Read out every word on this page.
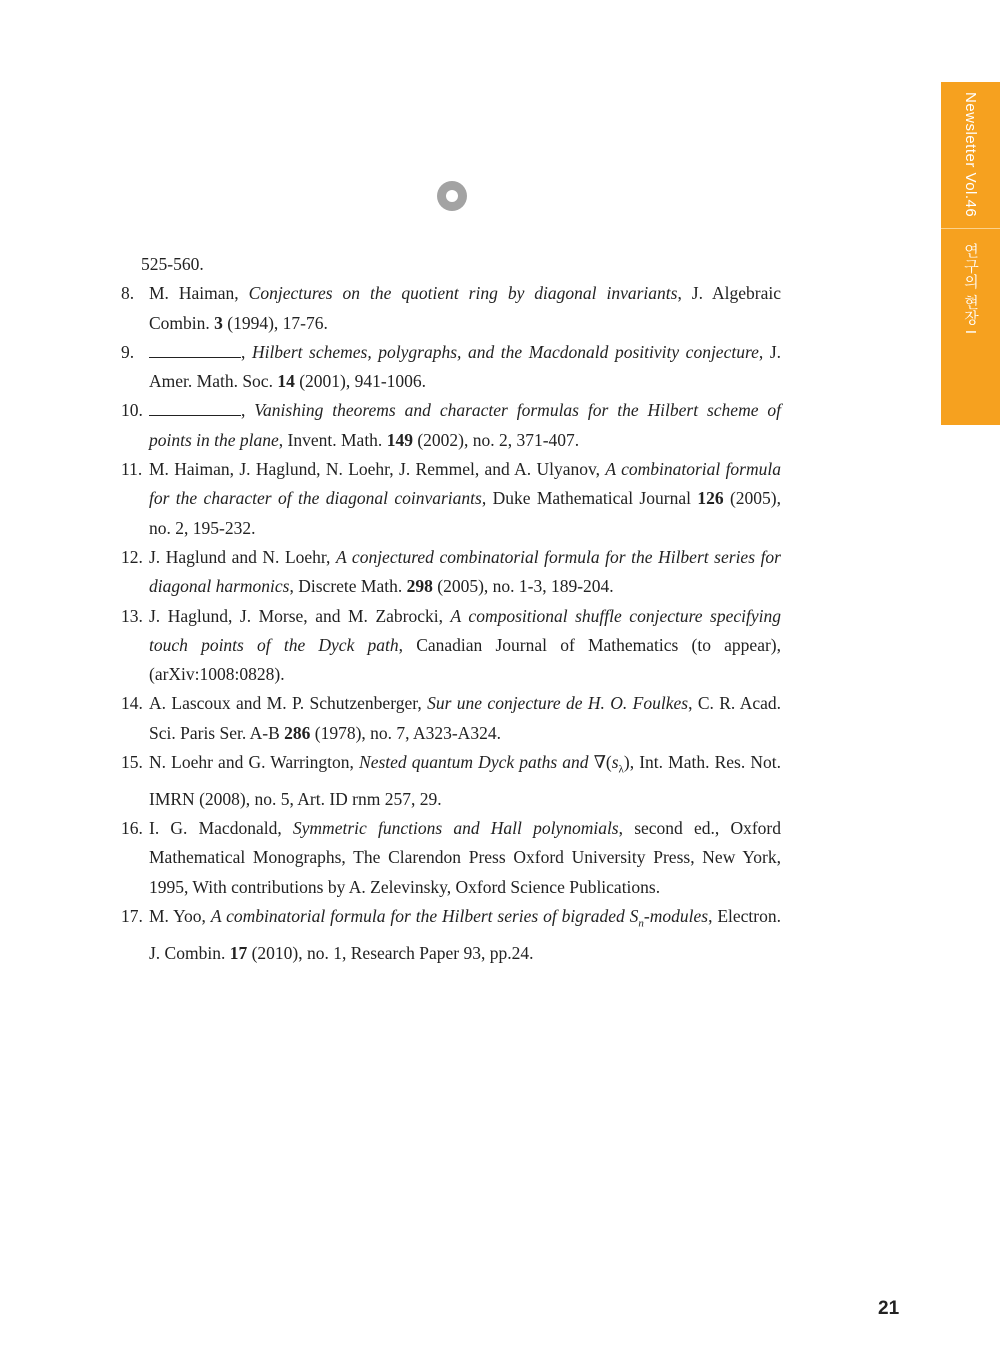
Newsletter Vol.46
연구의 현장 I

525-560.

8. M. Haiman, Conjectures on the quotient ring by diagonal invariants, J. Algebraic Combin. 3 (1994), 17-76.

9.	, Hilbert schemes, polygraphs, and the Macdonald positivity conjecture, J. Amer. Math. Soc. 14 (2001), 941-1006.

10.	, Vanishing theorems and character formulas for the Hilbert scheme of points in the plane, Invent. Math. 149 (2002), no. 2, 371-407.

11. M. Haiman, J. Haglund, N. Loehr, J. Remmel, and A. Ulyanov, A combinatorial formula for the character of the diagonal coinvariants, Duke Mathematical Journal 126 (2005), no. 2, 195-232.

12. J. Haglund and N. Loehr, A conjectured combinatorial formula for the Hilbert series for diagonal harmonics, Discrete Math. 298 (2005), no. 1-3, 189-204.

13. J. Haglund, J. Morse, and M. Zabrocki, A compositional shuffle conjecture specifying touch points of the Dyck path, Canadian Journal of Mathematics (to appear), (arXiv:1008:0828).

14. A. Lascoux and M. P. Schutzenberger, Sur une conjecture de H. O. Foulkes, C. R. Acad. Sci. Paris Ser. A-B 286 (1978), no. 7, A323-A324.

15. N. Loehr and G. Warrington, Nested quantum Dyck paths and $\nabla(s_\lambda)$, Int. Math. Res. Not. IMRN (2008), no. 5, Art. ID rnm 257, 29.

16. I. G. Macdonald, Symmetric functions and Hall polynomials, second ed., Oxford Mathematical Monographs, The Clarendon Press Oxford University Press, New York, 1995, With contributions by A. Zelevinsky, Oxford Science Publications.

17. M. Yoo, A combinatorial formula for the Hilbert series of bigraded $S_n$-modules, Electron. J. Combin. 17 (2010), no. 1, Research Paper 93, pp.24.

21
